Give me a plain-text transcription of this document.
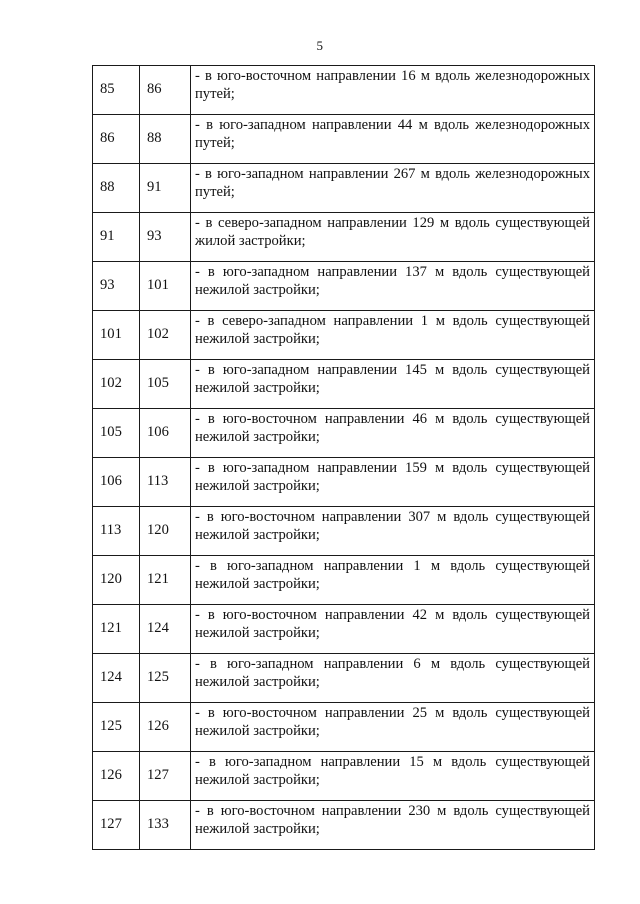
5
85	86	- в юго-восточном направлении 16 м вдоль железнодорожных путей;
86	88	- в юго-западном направлении 44 м вдоль железнодорожных путей;
88	91	- в юго-западном направлении 267 м вдоль железнодорожных путей;
91	93	- в северо-западном направлении 129 м вдоль существующей жилой застройки;
93	101	- в юго-западном направлении 137 м вдоль существующей нежилой застройки;
101	102	- в северо-западном направлении 1 м вдоль существующей нежилой застройки;
102	105	- в юго-западном направлении 145 м вдоль существующей нежилой застройки;
105	106	- в юго-восточном направлении 46 м вдоль существующей нежилой застройки;
106	113	- в юго-западном направлении 159 м вдоль существующей нежилой застройки;
113	120	- в юго-восточном направлении 307 м вдоль существующей нежилой застройки;
120	121	- в юго-западном направлении 1 м вдоль существующей нежилой застройки;
121	124	- в юго-восточном направлении 42 м вдоль существующей нежилой застройки;
124	125	- в юго-западном направлении 6 м вдоль существующей нежилой застройки;
125	126	- в юго-восточном направлении 25 м вдоль существующей нежилой застройки;
126	127	- в юго-западном направлении 15 м вдоль существующей нежилой застройки;
127	133	- в юго-восточном направлении 230 м вдоль существующей нежилой застройки;
